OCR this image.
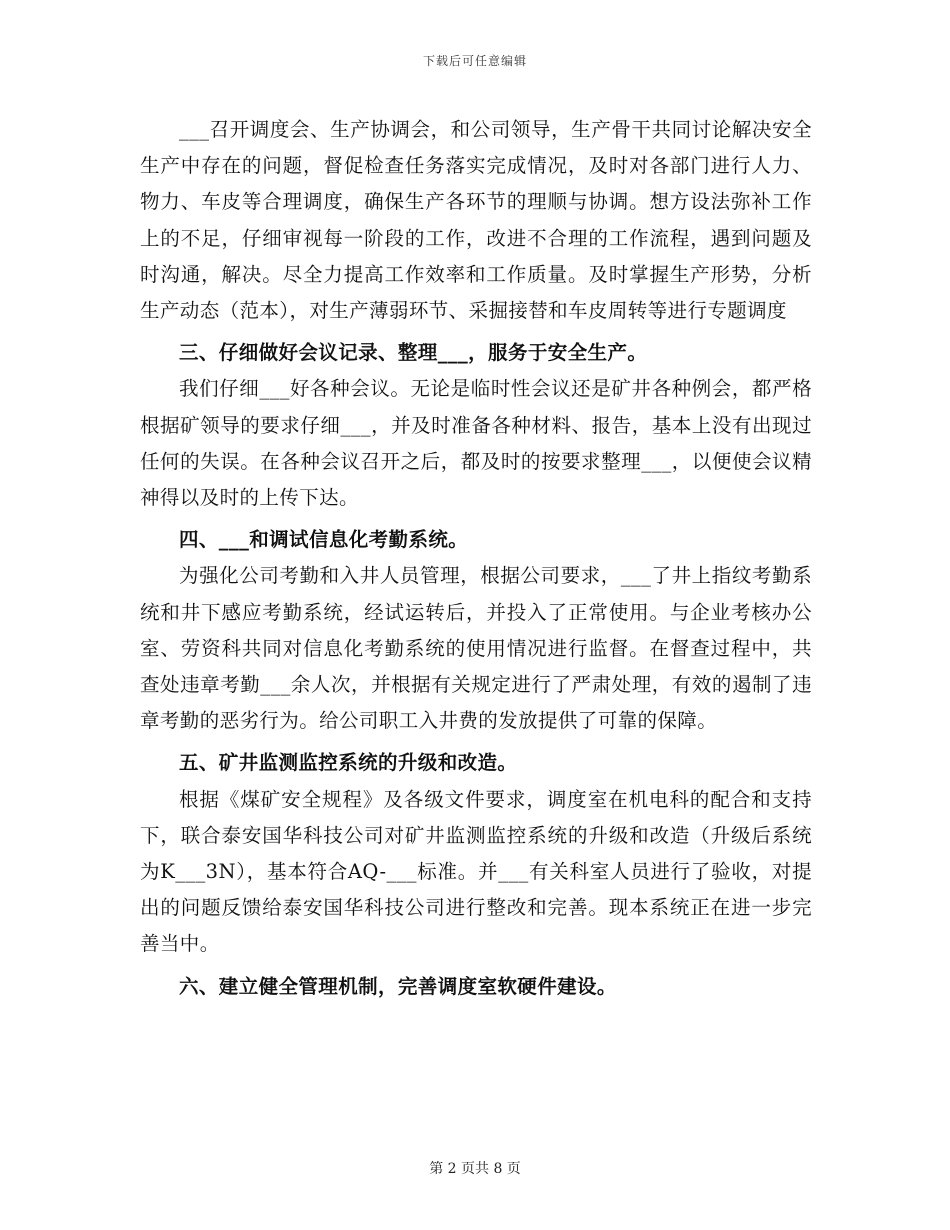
下载后可任意编辑

___召开调度会、生产协调会，和公司领导，生产骨干共同讨论解决安全生产中存在的问题，督促检查任务落实完成情况，及时对各部门进行人力、物力、车皮等合理调度，确保生产各环节的理顺与协调。想方设法弥补工作上的不足，仔细审视每一阶段的工作，改进不合理的工作流程，遇到问题及时沟通，解决。尽全力提高工作效率和工作质量。及时掌握生产形势，分析生产动态（范本），对生产薄弱环节、采掘接替和车皮周转等进行专题调度

三、仔细做好会议记录、整理___，服务于安全生产。

我们仔细___好各种会议。无论是临时性会议还是矿井各种例会，都严格根据矿领导的要求仔细___，并及时准备各种材料、报告，基本上没有出现过任何的失误。在各种会议召开之后，都及时的按要求整理___，以便使会议精神得以及时的上传下达。

四、___和调试信息化考勤系统。

为强化公司考勤和入井人员管理，根据公司要求，___了井上指纹考勤系统和井下感应考勤系统，经试运转后，并投入了正常使用。与企业考核办公室、劳资科共同对信息化考勤系统的使用情况进行监督。在督查过程中，共查处违章考勤___余人次，并根据有关规定进行了严肃处理，有效的遏制了违章考勤的恶劣行为。给公司职工入井费的发放提供了可靠的保障。

五、矿井监测监控系统的升级和改造。

根据《煤矿安全规程》及各级文件要求，调度室在机电科的配合和支持下，联合泰安国华科技公司对矿井监测监控系统的升级和改造（升级后系统为K___3N），基本符合AQ-___标准。并___有关科室人员进行了验收，对提出的问题反馈给泰安国华科技公司进行整改和完善。现本系统正在进一步完善当中。

六、建立健全管理机制，完善调度室软硬件建设。

第 2 页共 8 页
